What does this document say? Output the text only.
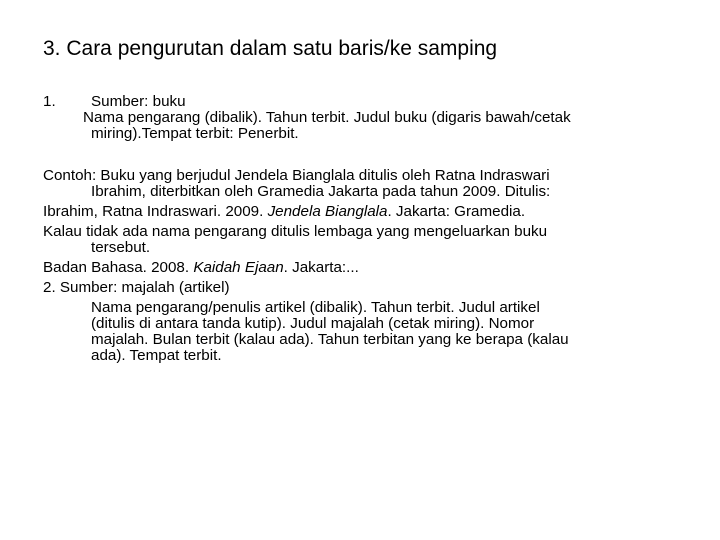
3. Cara pengurutan dalam satu baris/ke samping
1. Sumber: buku
Nama pengarang (dibalik). Tahun terbit. Judul buku (digaris bawah/cetak
miring).Tempat terbit: Penerbit.
Contoh: Buku yang berjudul Jendela Bianglala ditulis oleh Ratna Indraswari
Ibrahim, diterbitkan oleh Gramedia Jakarta pada tahun 2009. Ditulis:
Ibrahim, Ratna Indraswari. 2009. Jendela Bianglala. Jakarta: Gramedia.
Kalau tidak ada nama pengarang ditulis lembaga yang mengeluarkan buku
tersebut.
Badan Bahasa. 2008. Kaidah Ejaan. Jakarta:...
2. Sumber: majalah (artikel)
Nama pengarang/penulis artikel (dibalik). Tahun terbit. Judul artikel
(ditulis di antara tanda kutip). Judul majalah (cetak miring). Nomor
majalah. Bulan terbit (kalau ada). Tahun terbitan yang ke berapa (kalau
ada). Tempat terbit.
